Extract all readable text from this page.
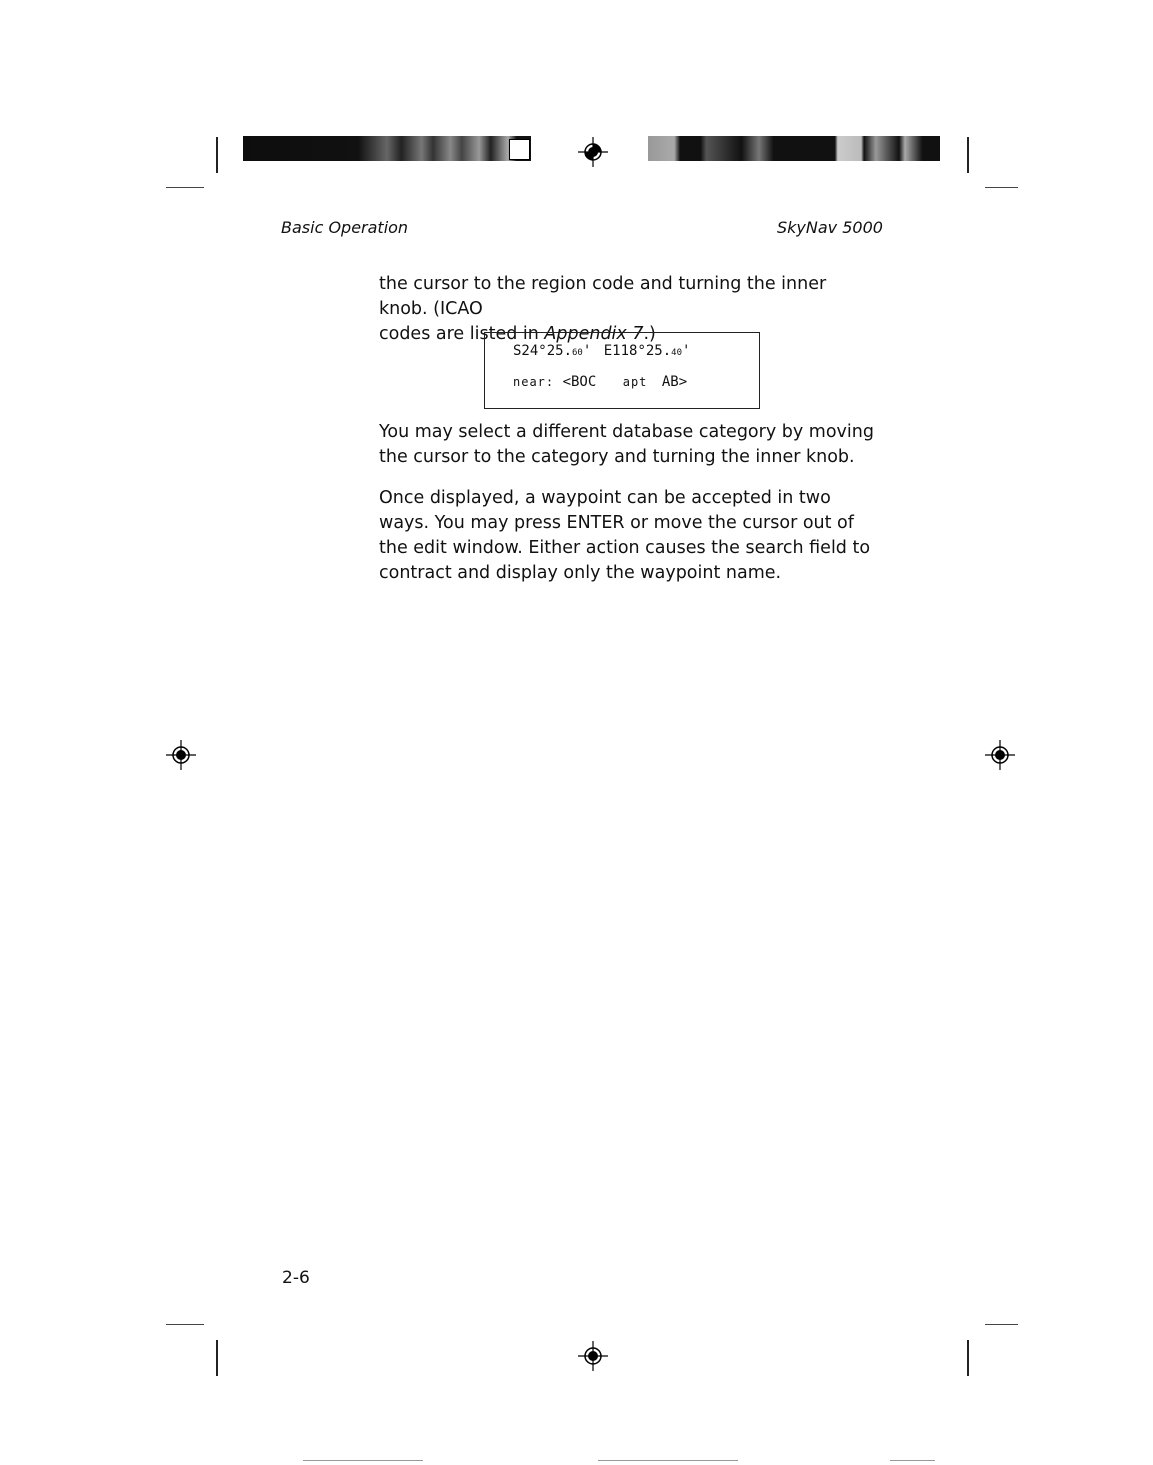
Basic Operation	SkyNav 5000

the cursor to the region code and turning the inner knob. (ICAO

codes are listed in Appendix 7.)

S24°25.60' E118°25.40'
near: <BOC apt AB>
You may select a different database category by moving the cursor to the category and turning the inner knob.
Once displayed, a waypoint can be accepted in two ways. You may press ENTER or move the cursor out of the edit window. Either action causes the search field to contract and display only the waypoint name.
2-6
